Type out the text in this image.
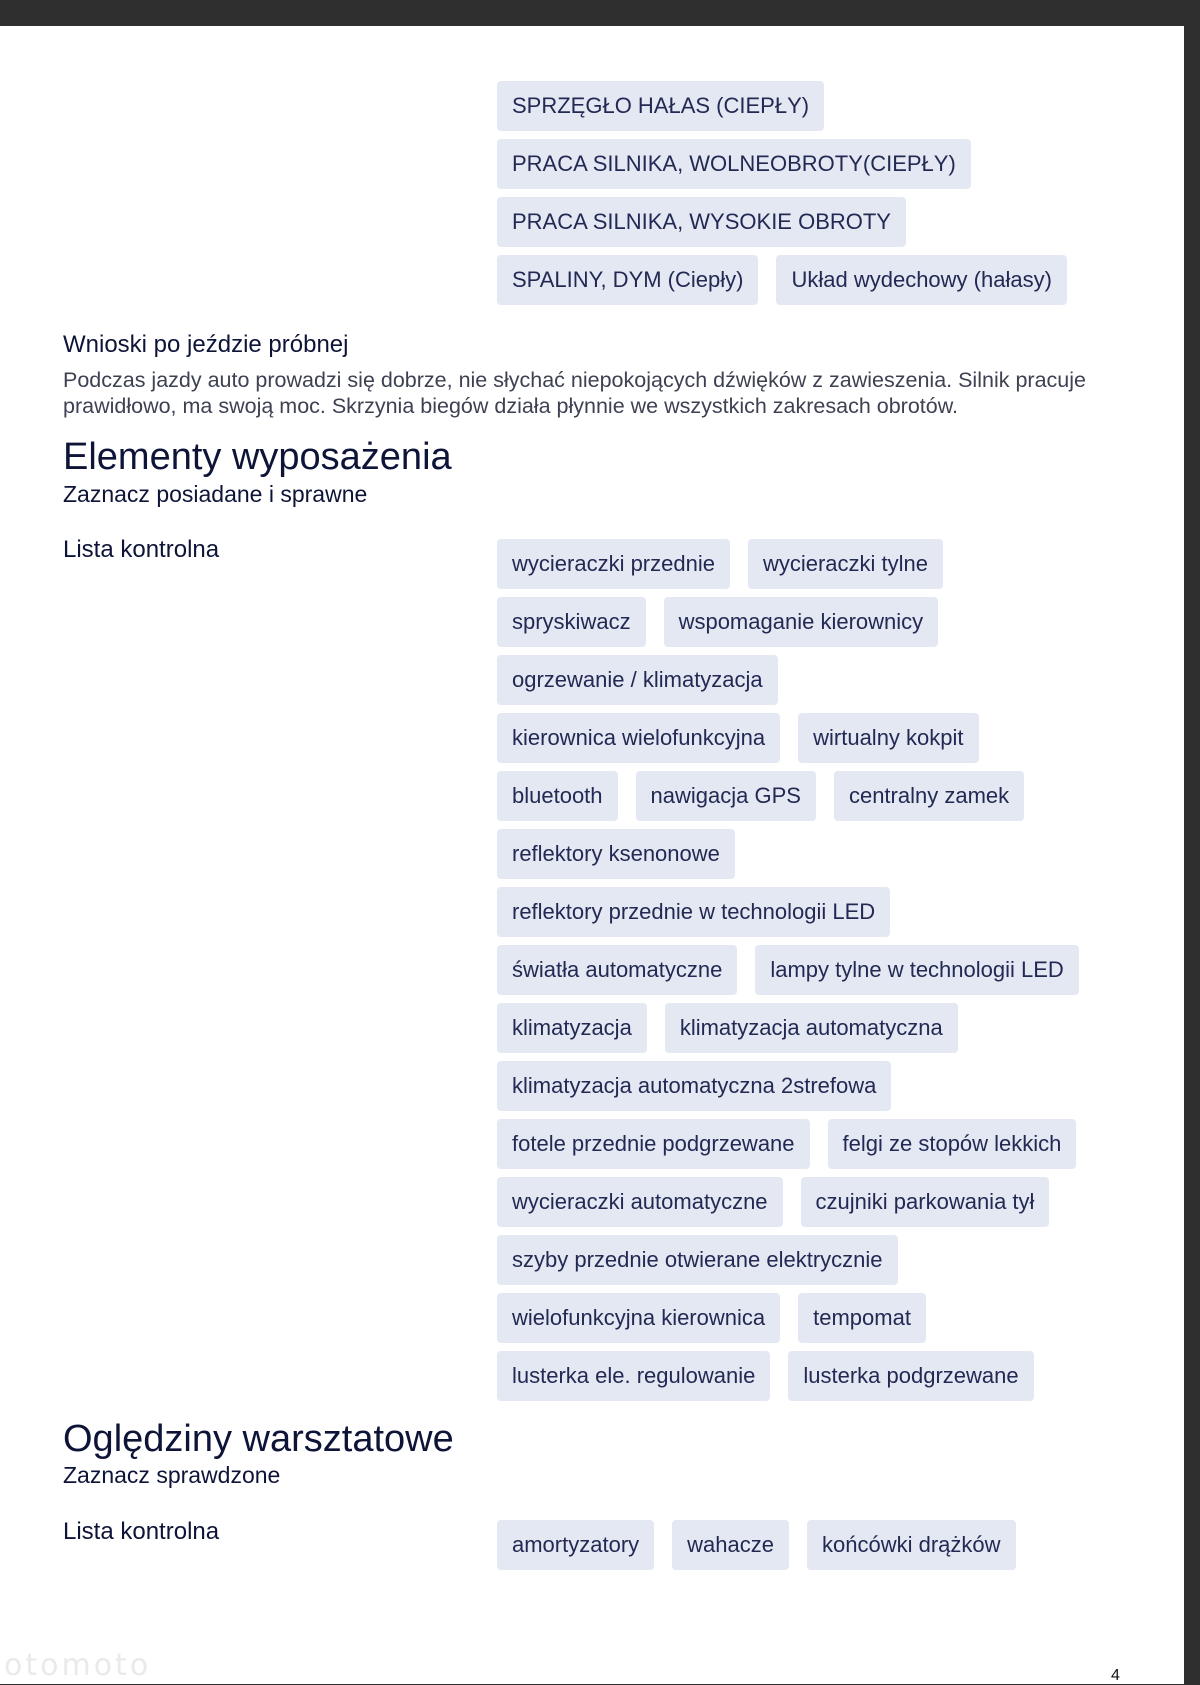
SPRZĘGŁO HAŁAS (CIEPŁY)
PRACA SILNIKA, WOLNEOBROTY(CIEPŁY)
PRACA SILNIKA, WYSOKIE OBROTY
SPALINY, DYM (Ciepły)	Układ wydechowy (hałasy)
Wnioski po jeździe próbnej
Podczas jazdy auto prowadzi się dobrze, nie słychać niepokojących dźwięków z zawieszenia. Silnik pracuje prawidłowo, ma swoją moc. Skrzynia biegów działa płynnie we wszystkich zakresach obrotów.
Elementy wyposażenia
Zaznacz posiadane i sprawne
Lista kontrolna
wycieraczki przednie	wycieraczki tylne
spryskiwacz	wspomaganie kierownicy
ogrzewanie / klimatyzacja
kierownica wielofunkcyjna	wirtualny kokpit
bluetooth	nawigacja GPS	centralny zamek
reflektory ksenonowe
reflektory przednie w technologii LED
światła automatyczne	lampy tylne w technologii LED
klimatyzacja	klimatyzacja automatyczna
klimatyzacja automatyczna 2strefowa
fotele przednie podgrzewane	felgi ze stopów lekkich
wycieraczki automatyczne	czujniki parkowania tył
szyby przednie otwierane elektrycznie
wielofunkcyjna kierownica	tempomat
lusterka ele. regulowanie	lusterka podgrzewane
Oględziny warsztatowe
Zaznacz sprawdzone
Lista kontrolna	amortyzatory	wahacze	końcówki drążków
otomoto	4
